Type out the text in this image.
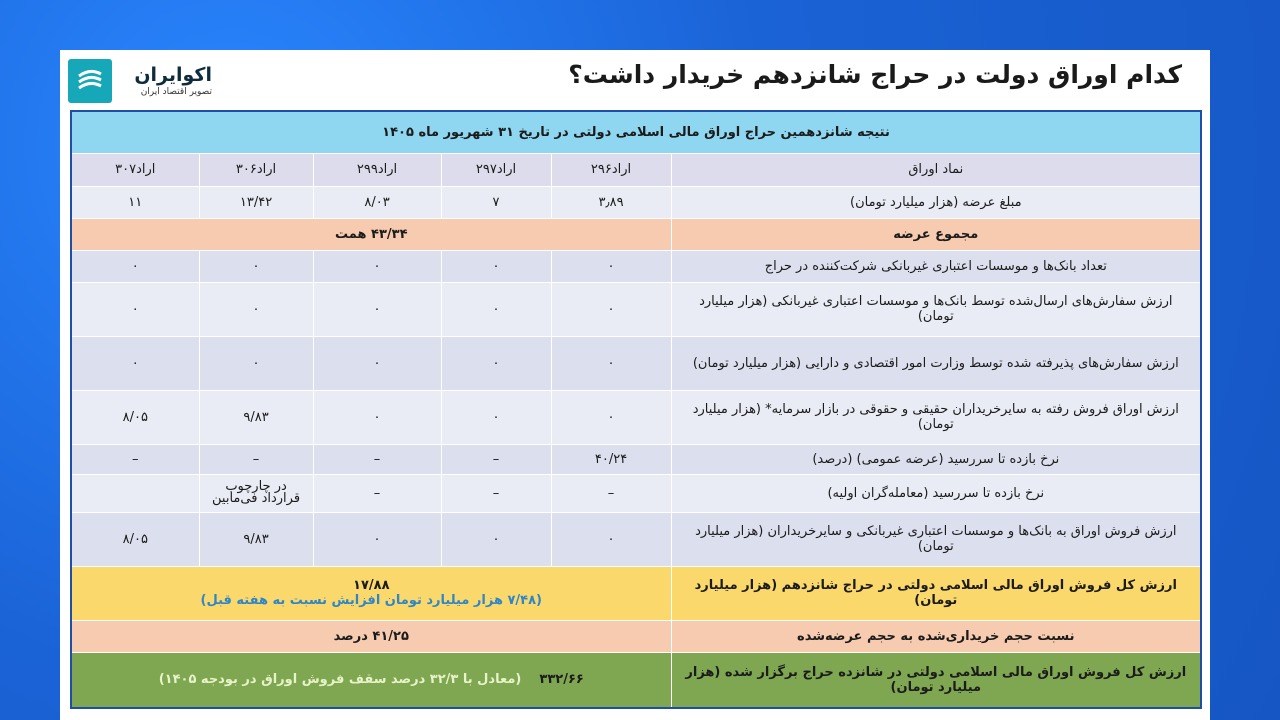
اکوایران
تصویر اقتصاد ایران
کدام اوراق دولت در حراج شانزدهم خریدار داشت؟
نتیجه شانزدهمین حراج اوراق مالی اسلامی دولتی در تاریخ ۳۱ شهریور ماه ۱۴۰۵					
نماد اوراق	اراد۲۹۶	اراد۲۹۷	اراد۲۹۹	اراد۳۰۶	اراد۳۰۷
مبلغ عرضه (هزار میلیارد تومان)	۳٫۸۹	۷	۸/۰۳	۱۳/۴۲	۱۱
مجموع عرضه	۴۳/۳۴ همت				
تعداد بانک‌ها و موسسات اعتباری غیربانکی شرکت‌کننده در حراج	۰	۰	۰	۰	۰
ارزش سفارش‌های ارسال‌شده توسط بانک‌ها و موسسات اعتباری غیربانکی (هزار میلیارد تومان)	۰	۰	۰	۰	۰
ارزش سفارش‌های پذیرفته شده توسط وزارت امور اقتصادی و دارایی (هزار میلیارد تومان)	۰	۰	۰	۰	۰
ارزش اوراق فروش رفته به سایرخریداران حقیقی و حقوقی در بازار سرمایه* (هزار میلیارد تومان)	۰	۰	۰	۹/۸۳	۸/۰۵
نرخ بازده تا سررسید (عرضه عمومی) (درصد)	۴۰/۲۴	–	–	–	–
نرخ بازده تا سررسید (معامله‌گران اولیه)	–	–	–	در چارچوب قرارداد فی‌مابین	
ارزش فروش اوراق به بانک‌ها و موسسات اعتباری غیربانکی و سایرخریداران (هزار میلیارد تومان)	۰	۰	۰	۹/۸۳	۸/۰۵
ارزش کل فروش اوراق مالی اسلامی دولتی در حراج شانزدهم (هزار میلیارد تومان)	۱۷/۸۸
(۷/۴۸ هزار میلیارد تومان افزایش نسبت به هفته قبل)				

نسبت حجم خریداری‌شده به حجم عرضه‌شده	۴۱/۲۵ درصد				
ارزش کل فروش اوراق مالی اسلامی دولتی در شانزده حراج برگزار شده (هزار میلیارد تومان)	۳۳۲/۶۶    (معادل با ۳۲/۳ درصد سقف فروش اوراق در بودجه ۱۴۰۵)				
